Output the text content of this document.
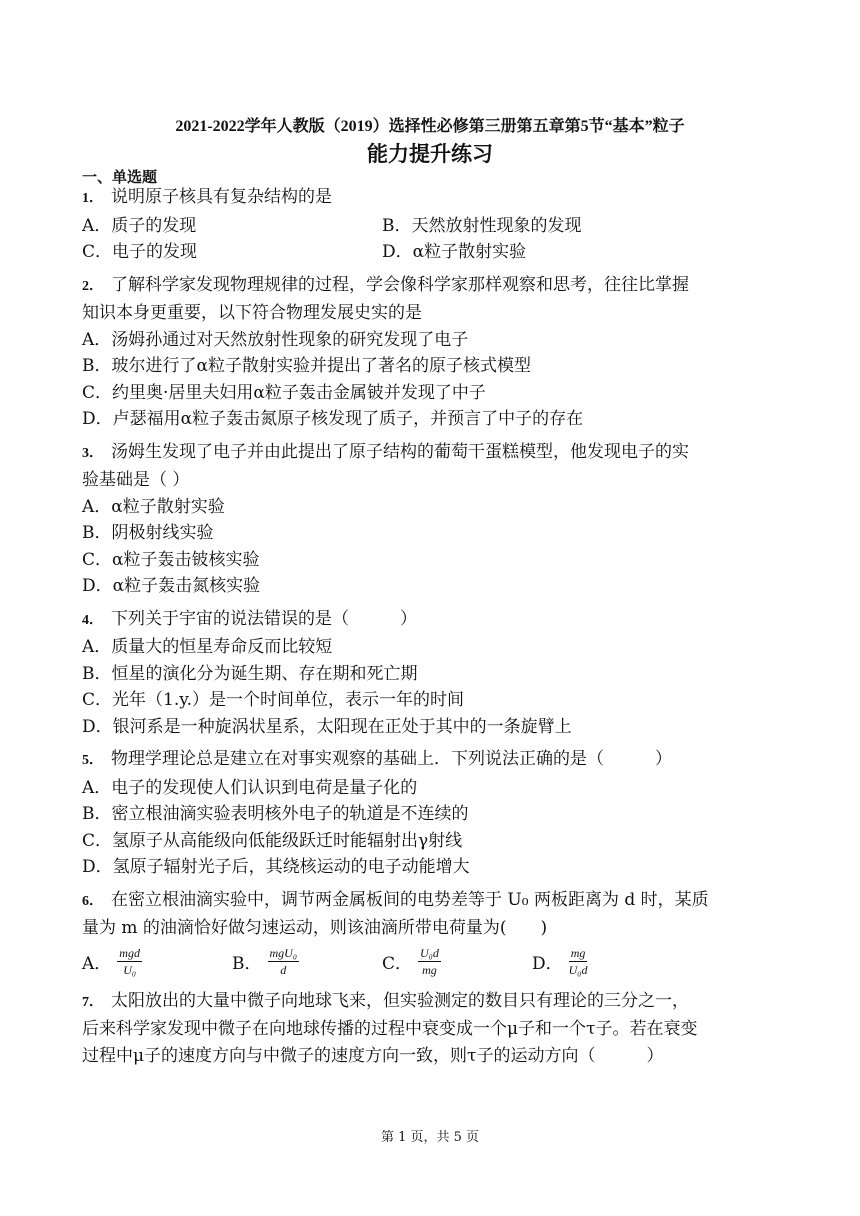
2021-2022学年人教版（2019）选择性必修第三册第五章第5节“基本”粒子
能力提升练习
一、单选题
1． 说明原子核具有复杂结构的是
A．质子的发现	B．天然放射性现象的发现
C．电子的发现	D．α粒子散射实验
2． 了解科学家发现物理规律的过程，学会像科学家那样观察和思考，往往比掌握
知识本身更重要，以下符合物理发展史实的是
A．汤姆孙通过对天然放射性现象的研究发现了电子
B．玻尔进行了α粒子散射实验并提出了著名的原子核式模型
C．约里奥·居里夫妇用α粒子轰击金属铍并发现了中子
D．卢瑟福用α粒子轰击氮原子核发现了质子，并预言了中子的存在
3． 汤姆生发现了电子并由此提出了原子结构的葡萄干蛋糕模型，他发现电子的实
验基础是（ ）
A．α粒子散射实验
B．阴极射线实验
C．α粒子轰击铍核实验
D．α粒子轰击氮核实验
4． 下列关于宇宙的说法错误的是（　　　）
A．质量大的恒星寿命反而比较短
B．恒星的演化分为诞生期、存在期和死亡期
C．光年（1.y.）是一个时间单位，表示一年的时间
D．银河系是一种旋涡状星系，太阳现在正处于其中的一条旋臂上
5． 物理学理论总是建立在对事实观察的基础上．下列说法正确的是（　　　）
A．电子的发现使人们认识到电荷是量子化的
B．密立根油滴实验表明核外电子的轨道是不连续的
C．氢原子从高能级向低能级跃迁时能辐射出γ射线
D．氢原子辐射光子后，其绕核运动的电子动能增大
6． 在密立根油滴实验中，调节两金属板间的电势差等于 U₀ 两板距离为 d 时，某质
量为 m 的油滴恰好做匀速运动，则该油滴所带电荷量为(　　)
A． $\frac{\text{mgd}}{\text{U₀}}$	B． $\frac{\text{mgU₀}}{d}$	C． $\frac{\text{U₀d}}{mg}$	D． $\frac{mg}{\text{U₀d}}$
7． 太阳放出的大量中微子向地球飞来，但实验测定的数目只有理论的三分之一，
后来科学家发现中微子在向地球传播的过程中衰变成一个μ子和一个τ子。若在衰变
过程中μ子的速度方向与中微子的速度方向一致，则τ子的运动方向（　　　）
第 1 页，共 5 页
